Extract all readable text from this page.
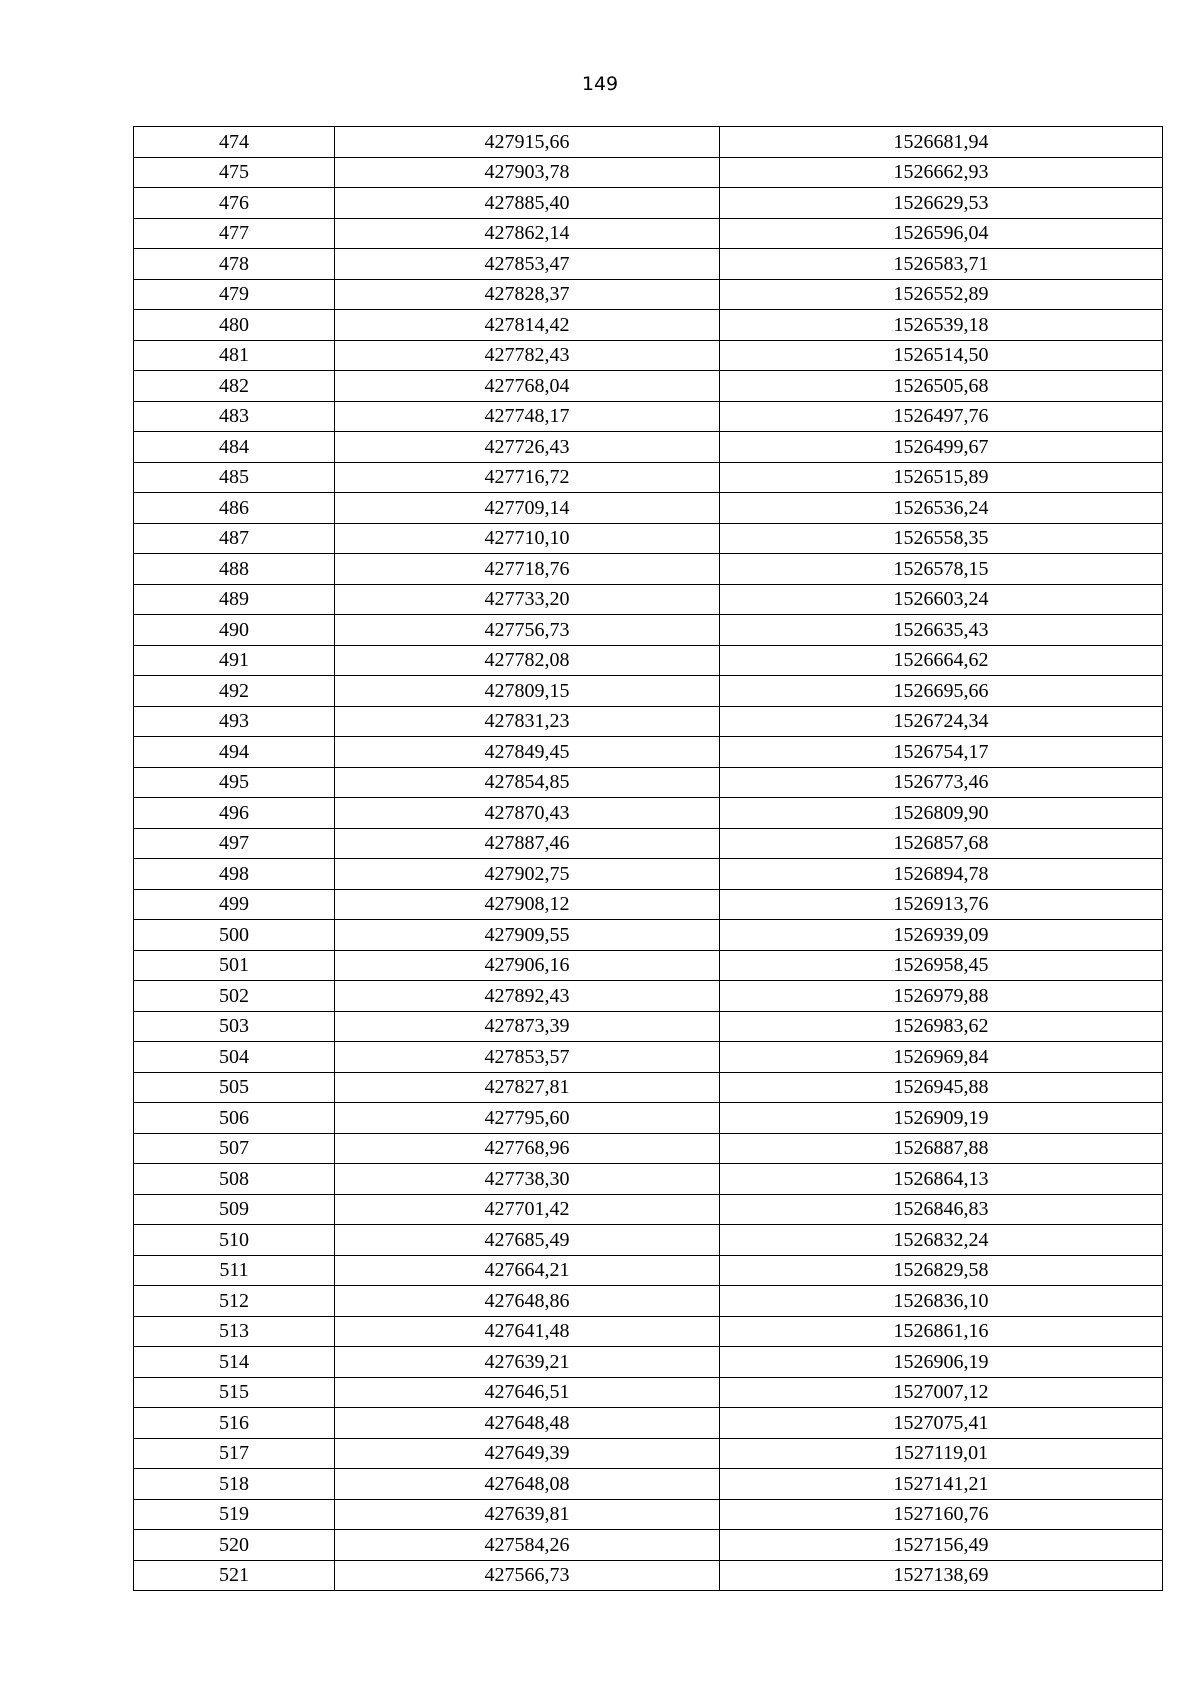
149
474	427915,66	1526681,94
475	427903,78	1526662,93
476	427885,40	1526629,53
477	427862,14	1526596,04
478	427853,47	1526583,71
479	427828,37	1526552,89
480	427814,42	1526539,18
481	427782,43	1526514,50
482	427768,04	1526505,68
483	427748,17	1526497,76
484	427726,43	1526499,67
485	427716,72	1526515,89
486	427709,14	1526536,24
487	427710,10	1526558,35
488	427718,76	1526578,15
489	427733,20	1526603,24
490	427756,73	1526635,43
491	427782,08	1526664,62
492	427809,15	1526695,66
493	427831,23	1526724,34
494	427849,45	1526754,17
495	427854,85	1526773,46
496	427870,43	1526809,90
497	427887,46	1526857,68
498	427902,75	1526894,78
499	427908,12	1526913,76
500	427909,55	1526939,09
501	427906,16	1526958,45
502	427892,43	1526979,88
503	427873,39	1526983,62
504	427853,57	1526969,84
505	427827,81	1526945,88
506	427795,60	1526909,19
507	427768,96	1526887,88
508	427738,30	1526864,13
509	427701,42	1526846,83
510	427685,49	1526832,24
511	427664,21	1526829,58
512	427648,86	1526836,10
513	427641,48	1526861,16
514	427639,21	1526906,19
515	427646,51	1527007,12
516	427648,48	1527075,41
517	427649,39	1527119,01
518	427648,08	1527141,21
519	427639,81	1527160,76
520	427584,26	1527156,49
521	427566,73	1527138,69
